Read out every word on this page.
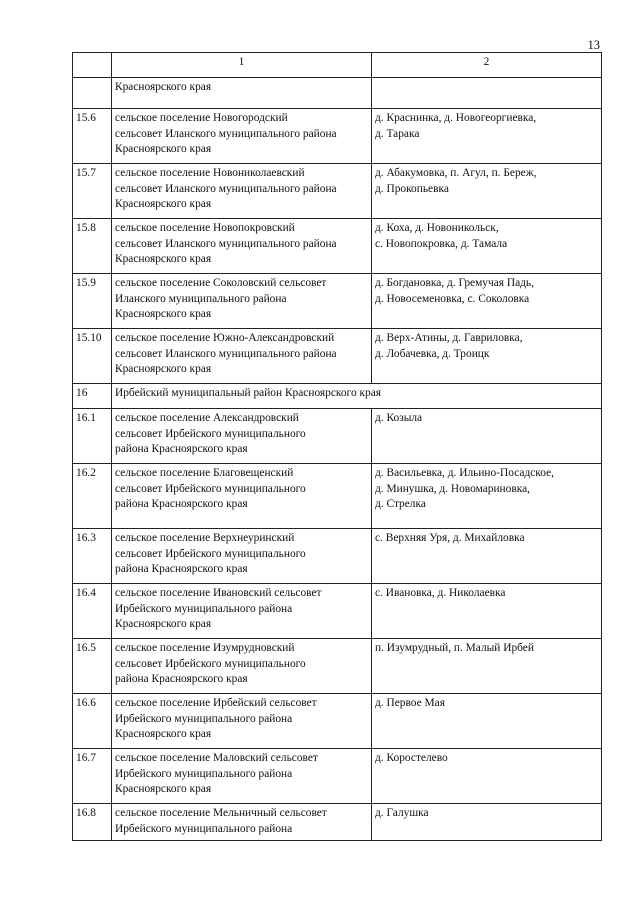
13
	1	2
	Красноярского края	
15.6	сельское поселение Новогородский
сельсовет Иланского муниципального района
Красноярского края	д. Краснинка, д. Новогеоргиевка,
д. Тарака

15.7	сельское поселение Новониколаевский
сельсовет Иланского муниципального района
Красноярского края	д. Абакумовка, п. Агул, п. Береж,
д. Прокопьевка

15.8	сельское поселение Новопокровский
сельсовет Иланского муниципального района
Красноярского края	д. Коха, д. Новоникольск,
с. Новопокровка, д. Тамала

15.9	сельское поселение Соколовский сельсовет
Иланского муниципального района
Красноярского края	д. Богдановка, д. Гремучая Падь,
д. Новосеменовка, с. Соколовка

15.10	сельское поселение Южно-Александровский
сельсовет Иланского муниципального района
Красноярского края	д. Верх-Атины, д. Гавриловка,
д. Лобачевка, д. Троицк

16	Ирбейский муниципальный район Красноярского края	
16.1	сельское поселение Александровский
сельсовет Ирбейского муниципального
района Красноярского края	д. Козыла

16.2	сельское поселение Благовещенский
сельсовет Ирбейского муниципального
района Красноярского края	д. Васильевка, д. Ильино-Посадское,
д. Минушка, д. Новомариновка,
д. Стрелка

16.3	сельское поселение Верхнеуринский
сельсовет Ирбейского муниципального
района Красноярского края	с. Верхняя Уря, д. Михайловка

16.4	сельское поселение Ивановский сельсовет
Ирбейского муниципального района
Красноярского края	с. Ивановка, д. Николаевка

16.5	сельское поселение Изумрудновский
сельсовет Ирбейского муниципального
района Красноярского края	п. Изумрудный, п. Малый Ирбей

16.6	сельское поселение Ирбейский сельсовет
Ирбейского муниципального района
Красноярского края	д. Первое Мая

16.7	сельское поселение Маловский сельсовет
Ирбейского муниципального района
Красноярского края	д. Коростелево

16.8	сельское поселение Мельничный сельсовет
Ирбейского муниципального района	д. Галушка
